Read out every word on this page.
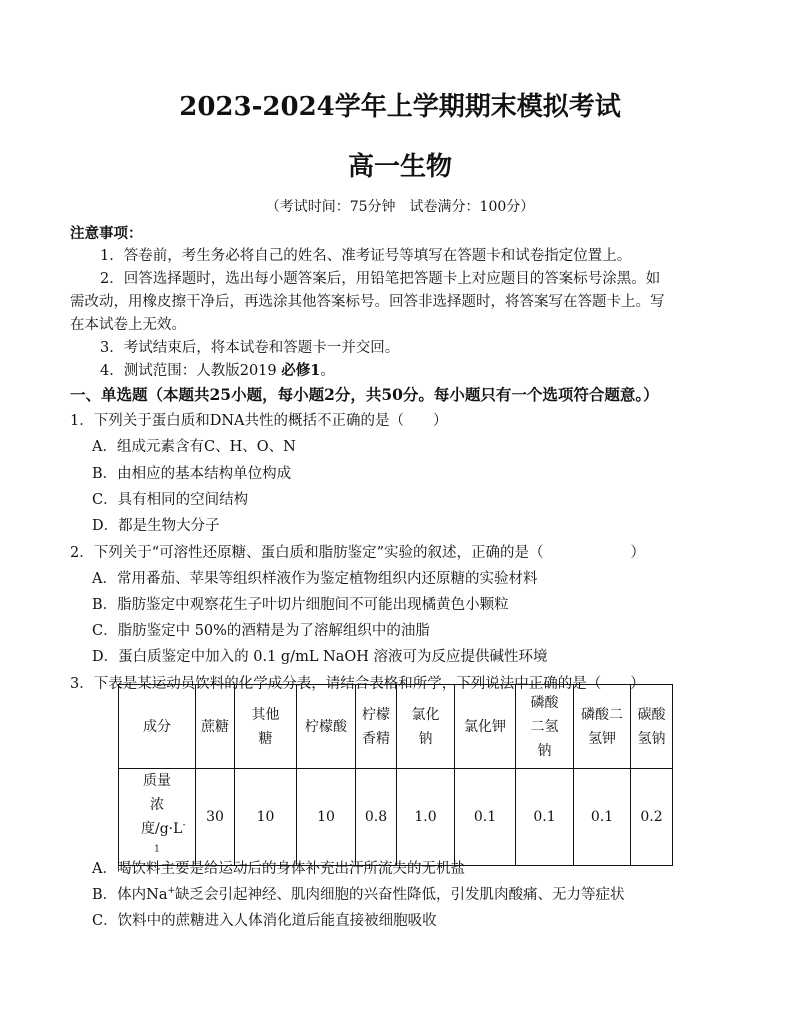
2023-2024学年上学期期末模拟考试
高一生物
（考试时间：75分钟　试卷满分：100分）
注意事项：
1．答卷前，考生务必将自己的姓名、准考证号等填写在答题卡和试卷指定位置上。
2．回答选择题时，选出每小题答案后，用铅笔把答题卡上对应题目的答案标号涂黑。如
需改动，用橡皮擦干净后，再选涂其他答案标号。回答非选择题时，将答案写在答题卡上。写
在本试卷上无效。
3．考试结束后，将本试卷和答题卡一并交回。
4．测试范围：人教版2019 必修1。
一、单选题（本题共25小题，每小题2分，共50分。每小题只有一个选项符合题意。）
1．下列关于蛋白质和DNA共性的概括不正确的是（　　）
A．组成元素含有C、H、O、N
B．由相应的基本结构单位构成
C．具有相同的空间结构
D．都是生物大分子
2．下列关于“可溶性还原糖、蛋白质和脂肪鉴定”实验的叙述，正确的是（　　　　　　）
A．常用番茄、苹果等组织样液作为鉴定植物组织内还原糖的实验材料
B．脂肪鉴定中观察花生子叶切片细胞间不可能出现橘黄色小颗粒
C．脂肪鉴定中 50%的酒精是为了溶解组织中的油脂
D．蛋白质鉴定中加入的 0.1 g/mL NaOH 溶液可为反应提供碱性环境
3．下表是某运动员饮料的化学成分表，请结合表格和所学，下列说法中正确的是（　　）
成分	蔗糖	其他糖	柠檬酸	柠檬香精	氯化钠	氯化钾	磷酸二氢钠	磷酸二氢钾	碳酸氢钠

质量浓度$/g\cdot L^{-1}$	30	10	10	0.8	1.0	0.1	0.1	0.1	0.2
A．喝饮料主要是给运动后的身体补充出汗所流失的无机盐
B．体内Na+缺乏会引起神经、肌肉细胞的兴奋性降低，引发肌肉酸痛、无力等症状
C．饮料中的蔗糖进入人体消化道后能直接被细胞吸收
